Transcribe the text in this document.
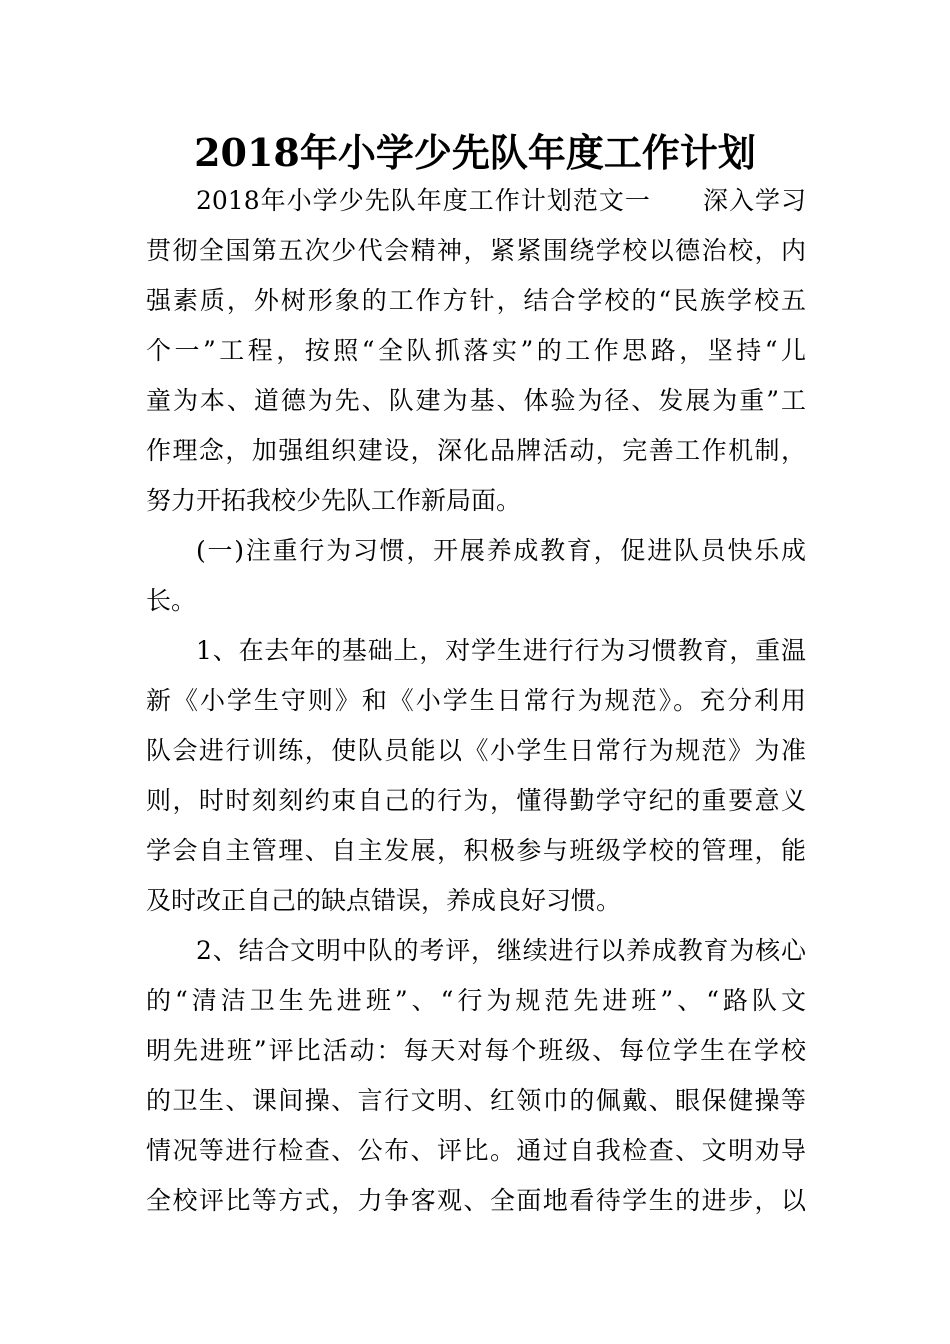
2018年小学少先队年度工作计划
2018年小学少先队年度工作计划范文一　　深入学习
贯彻全国第五次少代会精神，紧紧围绕学校以德治校，内
强素质，外树形象的工作方针，结合学校的“民族学校五
个一”工程，按照“全队抓落实”的工作思路，坚持“儿
童为本、道德为先、队建为基、体验为径、发展为重”工
作理念，加强组织建设，深化品牌活动，完善工作机制，
努力开拓我校少先队工作新局面。
(一)注重行为习惯，开展养成教育，促进队员快乐成
长。
1、在去年的基础上，对学生进行行为习惯教育，重温
新《小学生守则》和《小学生日常行为规范》。充分利用
队会进行训练，使队员能以《小学生日常行为规范》为准
则，时时刻刻约束自己的行为，懂得勤学守纪的重要意义
学会自主管理、自主发展，积极参与班级学校的管理，能
及时改正自己的缺点错误，养成良好习惯。
2、结合文明中队的考评，继续进行以养成教育为核心
的“清洁卫生先进班”、“行为规范先进班”、“路队文
明先进班”评比活动：每天对每个班级、每位学生在学校
的卫生、课间操、言行文明、红领巾的佩戴、眼保健操等
情况等进行检查、公布、评比。通过自我检查、文明劝导
全校评比等方式，力争客观、全面地看待学生的进步，以
